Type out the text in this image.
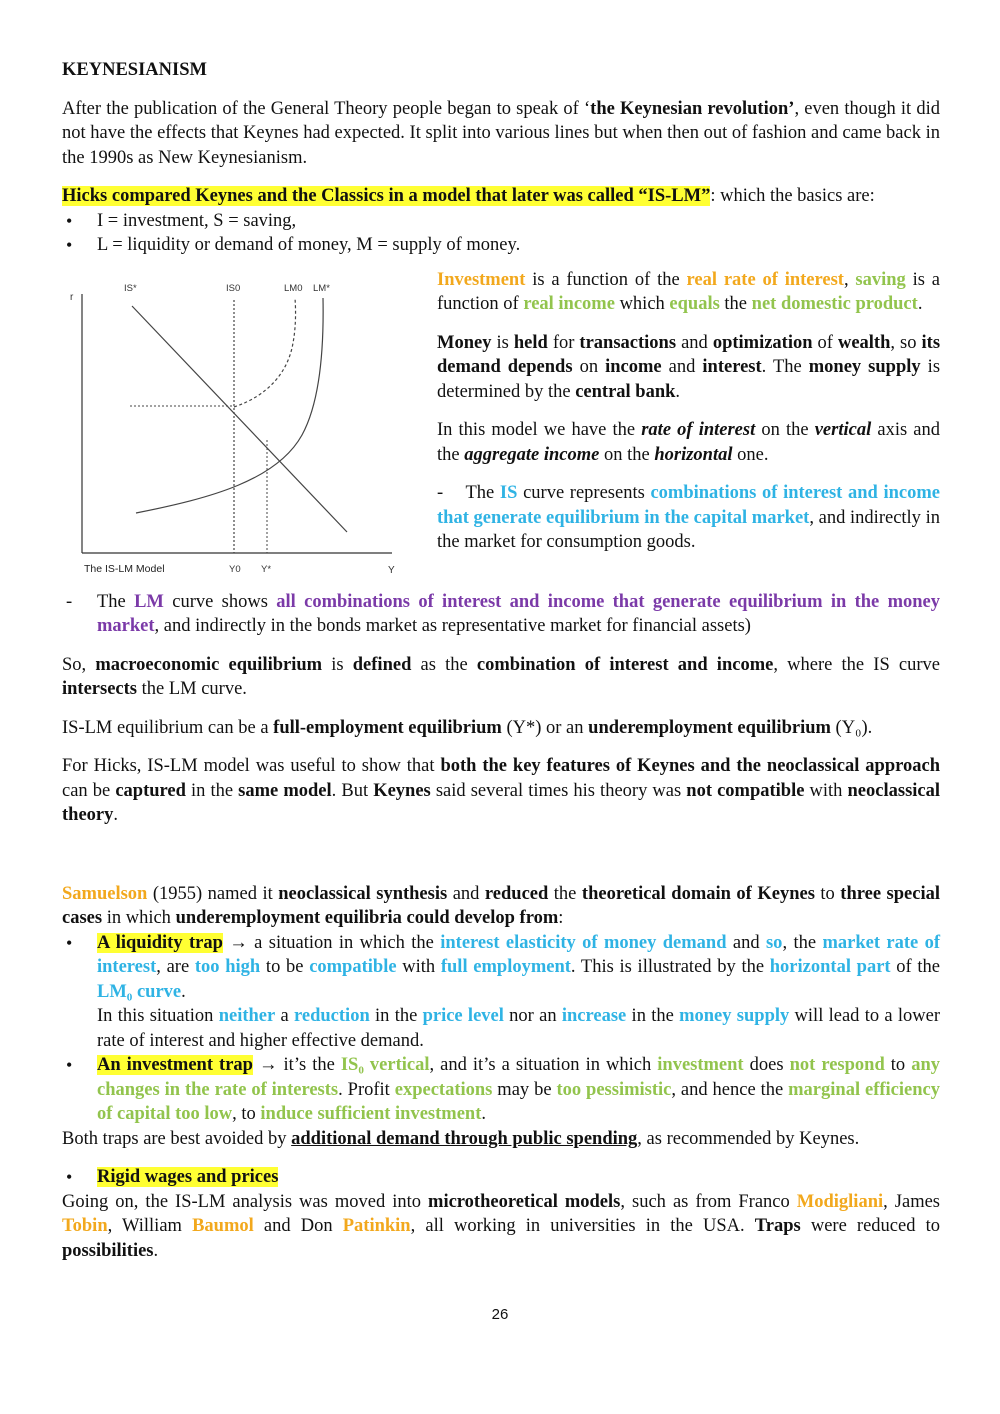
KEYNESIANISM

After the publication of the General Theory people began to speak of ‘the Keynesian revolution’, even though it did not have the effects that Keynes had expected. It split into various lines but when then out of fashion and came back in the 1990s as New Keynesianism.

Hicks compared Keynes and the Classics in a model that later was called “IS-LM”: which the basics are:

• I = investment, S = saving,
• L = liquidity or demand of money, M = supply of money.
r
Y
IS*	IS0	LM0 LM*
The IS-LM Model	Y0 Y*

Investment is a function of the real rate of interest, saving is a function of real income which equals the net domestic product.

Money is held for transactions and optimization of wealth, so its demand depends on income and interest. The money supply is determined by the central bank.

In this model we have the rate of interest on the vertical axis and the aggregate income on the horizontal one.

- The IS curve represents combinations of interest and income that generate equilibrium in the capital market, and indirectly in the market for consumption goods.

- The LM curve shows all combinations of interest and income that generate equilibrium in the money market, and indirectly in the bonds market as representative market for financial assets)

So, macroeconomic equilibrium is defined as the combination of interest and income, where the IS curve intersects the LM curve.

IS-LM equilibrium can be a full-employment equilibrium (Y*) or an underemployment equilibrium (Y₀).

For Hicks, IS-LM model was useful to show that both the key features of Keynes and the neoclassical approach can be captured in the same model. But Keynes said several times his theory was not compatible with neoclassical theory.

Samuelson (1955) named it neoclassical synthesis and reduced the theoretical domain of Keynes to three special cases in which underemployment equilibria could develop from:

• A liquidity trap → a situation in which the interest elasticity of money demand and so, the market rate of interest, are too high to be compatible with full employment. This is illustrated by the horizontal part of the LM₀ curve.
In this situation neither a reduction in the price level nor an increase in the money supply will lead to a lower rate of interest and higher effective demand.
• An investment trap → it’s the IS₀ vertical, and it’s a situation in which investment does not respond to any changes in the rate of interests. Profit expectations may be too pessimistic, and hence the marginal efficiency of capital too low, to induce sufficient investment.

Both traps are best avoided by additional demand through public spending, as recommended by Keynes.

• Rigid wages and prices

Going on, the IS-LM analysis was moved into microtheoretical models, such as from Franco Modigliani, James Tobin, William Baumol and Don Patinkin, all working in universities in the USA. Traps were reduced to possibilities.

26
